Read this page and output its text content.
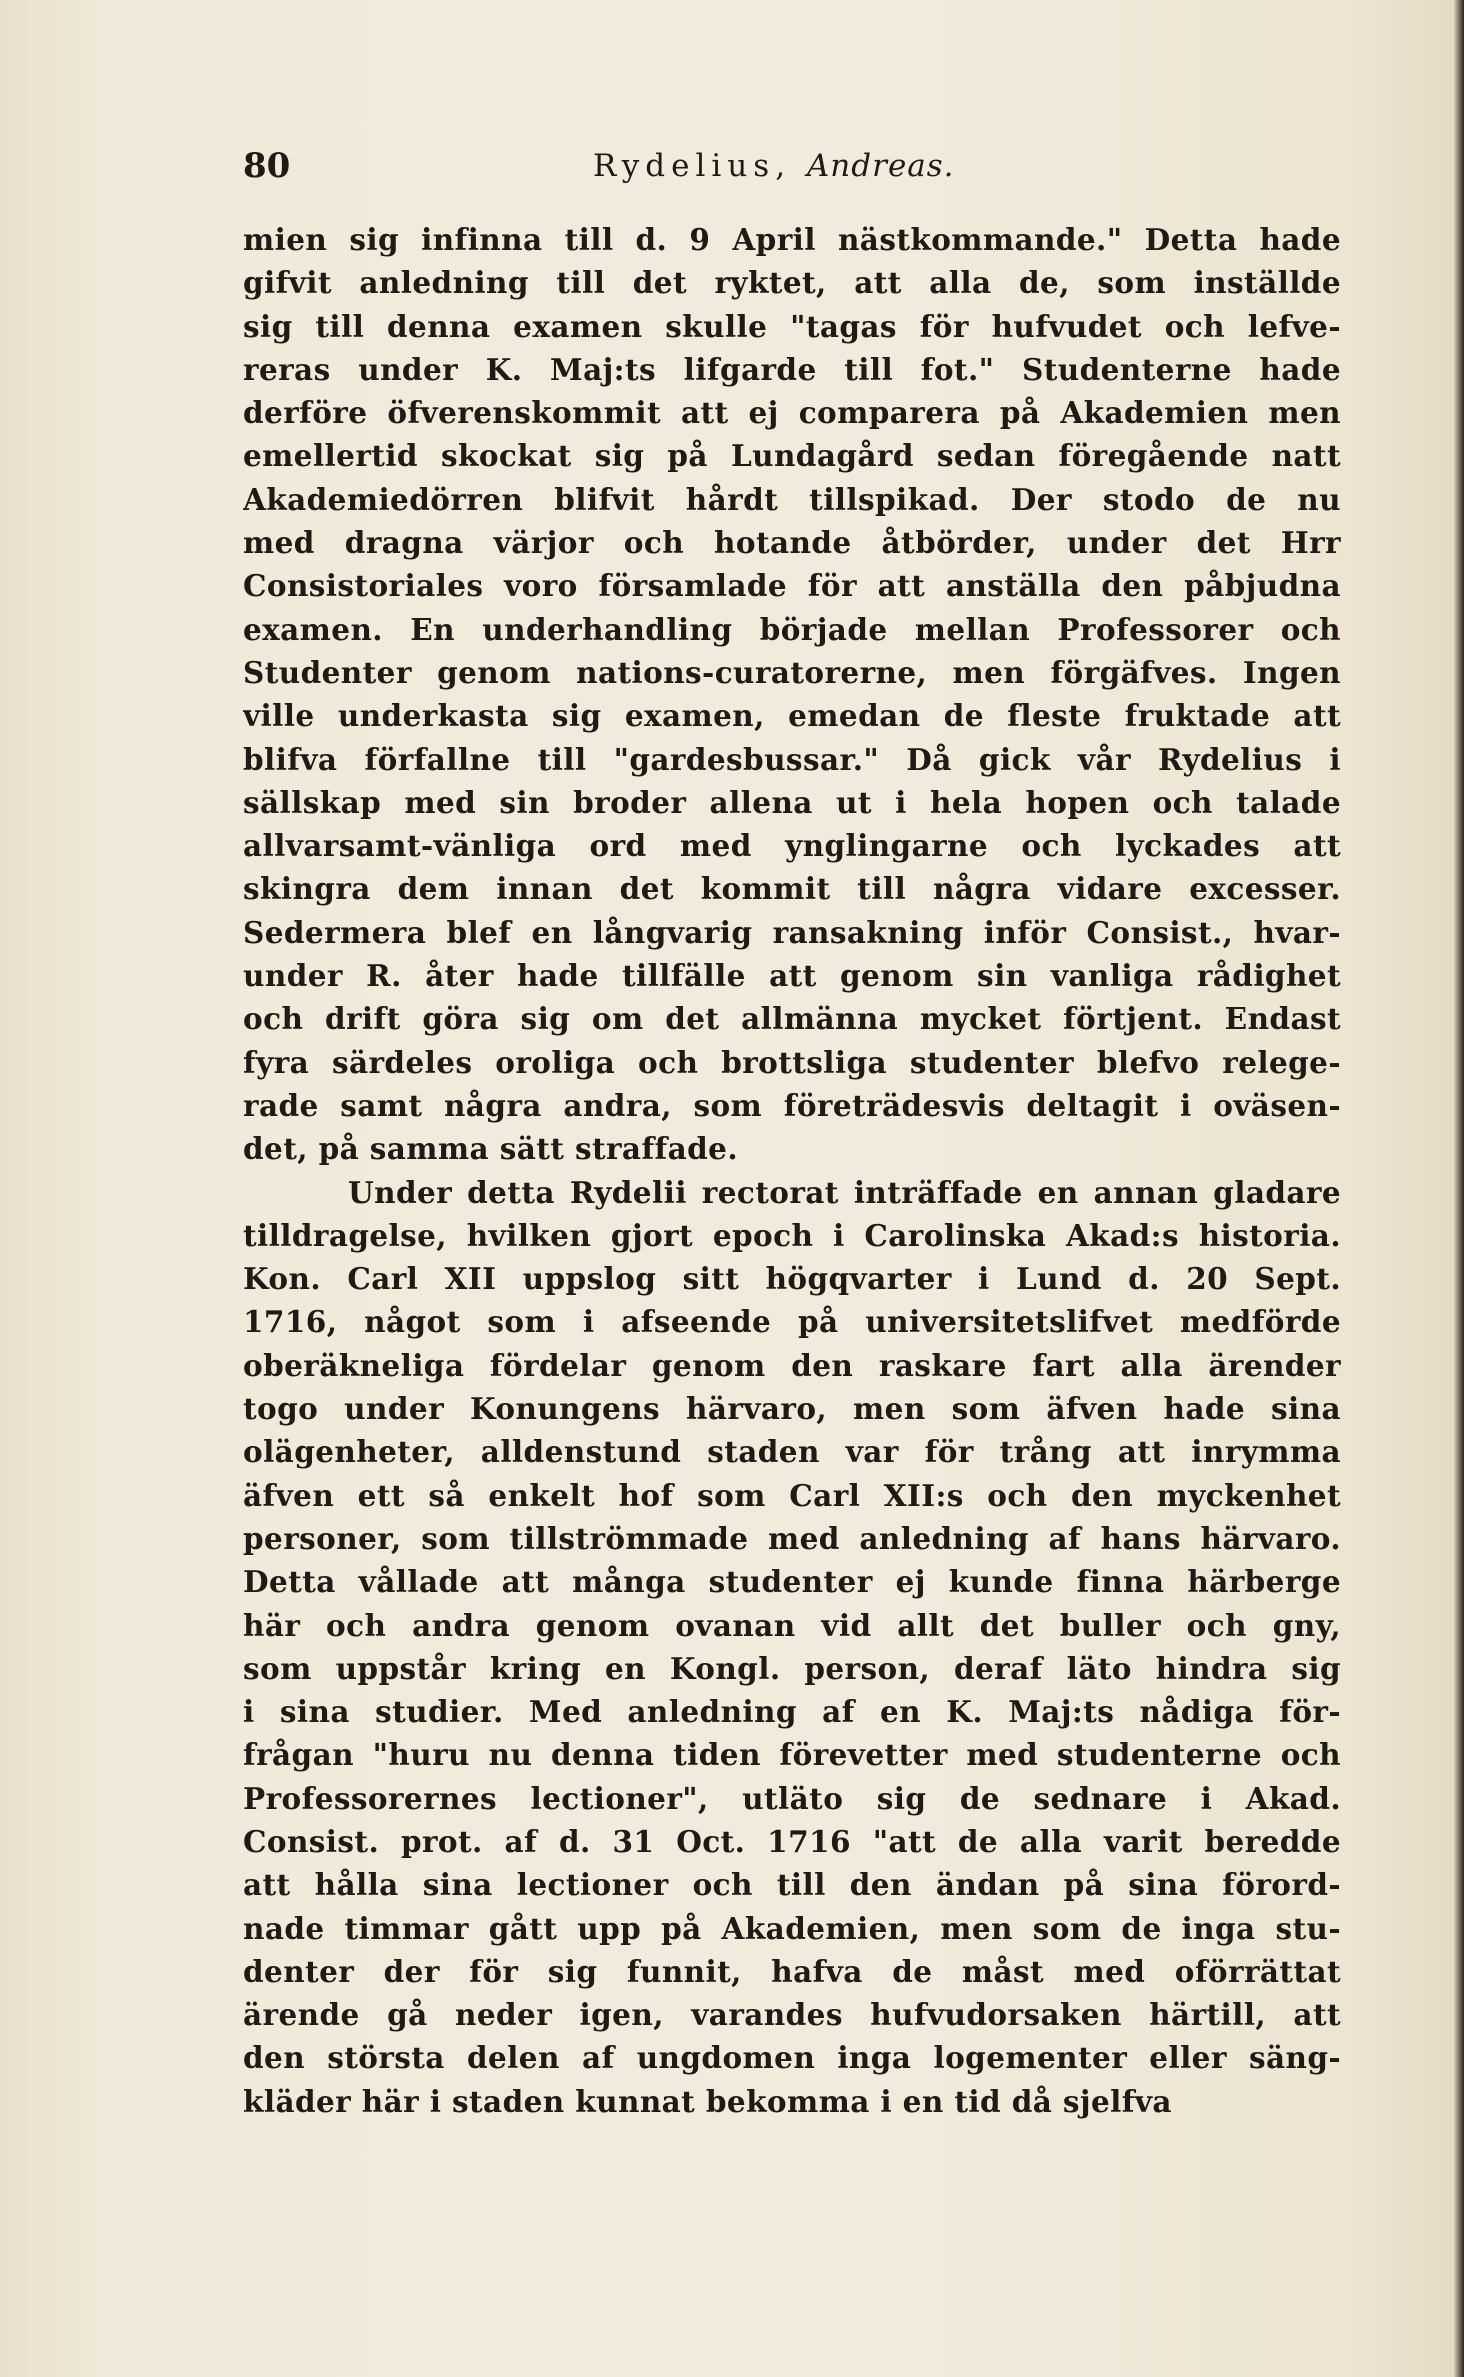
80	Rydelius, Andreas.
mien sig infinna till d. 9 April nästkommande." Detta hade
gifvit anledning till det ryktet, att alla de, som inställde
sig till denna examen skulle "tagas för hufvudet och lefve-
reras under K. Maj:ts lifgarde till fot." Studenterne hade
derföre öfverenskommit att ej comparera på Akademien men
emellertid skockat sig på Lundagård sedan föregående natt
Akademiedörren blifvit hårdt tillspikad. Der stodo de nu
med dragna värjor och hotande åtbörder, under det Hrr
Consistoriales voro församlade för att anställa den påbjudna
examen. En underhandling började mellan Professorer och
Studenter genom nations-curatorerne, men förgäfves. Ingen
ville underkasta sig examen, emedan de fleste fruktade att
blifva förfallne till "gardesbussar." Då gick vår Rydelius i
sällskap med sin broder allena ut i hela hopen och talade
allvarsamt-vänliga ord med ynglingarne och lyckades att
skingra dem innan det kommit till några vidare excesser.
Sedermera blef en långvarig ransakning inför Consist., hvar-
under R. åter hade tillfälle att genom sin vanliga rådighet
och drift göra sig om det allmänna mycket förtjent. Endast
fyra särdeles oroliga och brottsliga studenter blefvo relege-
rade samt några andra, som företrädesvis deltagit i oväsen-
det, på samma sätt straffade.
Under detta Rydelii rectorat inträffade en annan gladare
tilldragelse, hvilken gjort epoch i Carolinska Akad:s historia.
Kon. Carl XII uppslog sitt högqvarter i Lund d. 20 Sept.
1716, något som i afseende på universitetslifvet medförde
oberäkneliga fördelar genom den raskare fart alla ärender
togo under Konungens härvaro, men som äfven hade sina
olägenheter, alldenstund staden var för trång att inrymma
äfven ett så enkelt hof som Carl XII:s och den myckenhet
personer, som tillströmmade med anledning af hans härvaro.
Detta vållade att många studenter ej kunde finna härberge
här och andra genom ovanan vid allt det buller och gny,
som uppstår kring en Kongl. person, deraf läto hindra sig
i sina studier. Med anledning af en K. Maj:ts nådiga för-
frågan "huru nu denna tiden förevetter med studenterne och
Professorernes lectioner", utläto sig de sednare i Akad.
Consist. prot. af d. 31 Oct. 1716 "att de alla varit beredde
att hålla sina lectioner och till den ändan på sina förord-
nade timmar gått upp på Akademien, men som de inga stu-
denter der för sig funnit, hafva de måst med oförrättat
ärende gå neder igen, varandes hufvudorsaken härtill, att
den största delen af ungdomen inga logementer eller säng-
kläder här i staden kunnat bekomma i en tid då sjelfva
